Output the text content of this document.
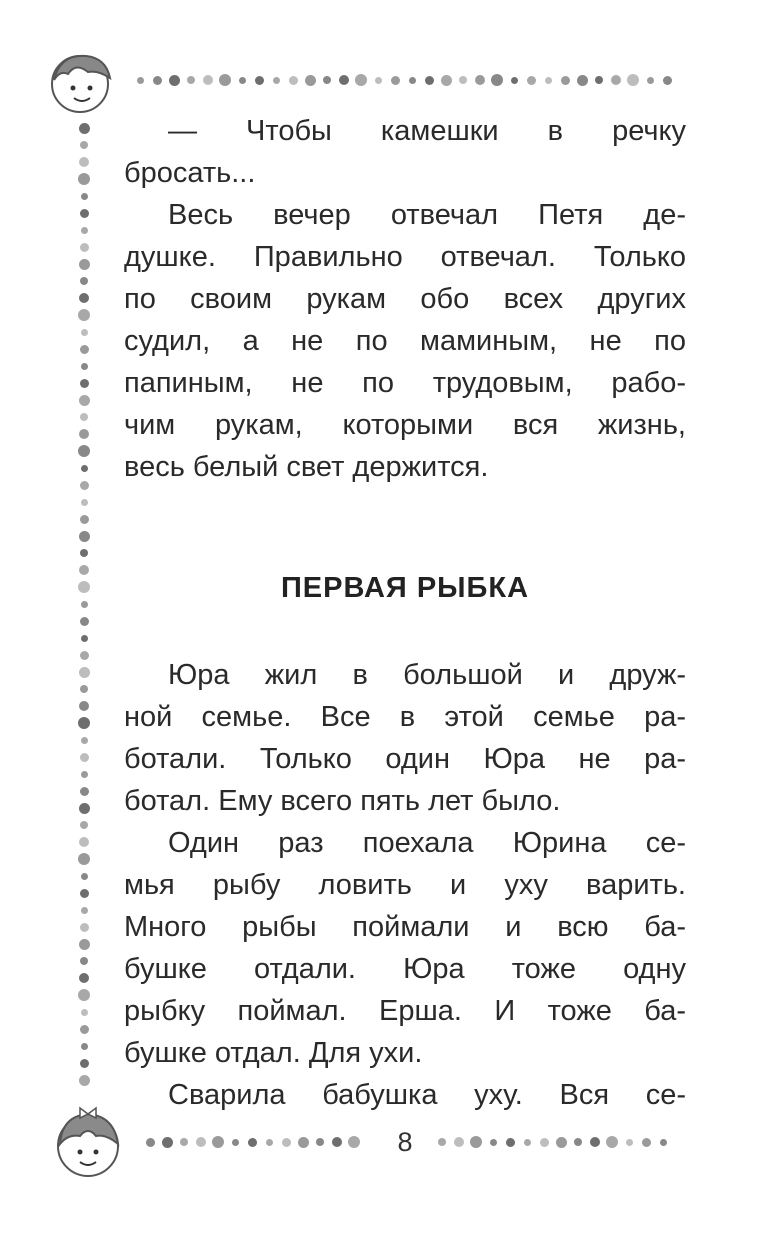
— Чтобы камешки в речку
бросать...
Весь вечер отвечал Петя де-
душке. Правильно отвечал. Только
по своим рукам обо всех других
судил, а не по маминым, не по
папиным, не по трудовым, рабо-
чим рукам, которыми вся жизнь,
весь белый свет держится.
ПЕРВАЯ РЫБКА
Юра жил в большой и друж-
ной семье. Все в этой семье ра-
ботали. Только один Юра не ра-
ботал. Ему всего пять лет было.
Один раз поехала Юрина се-
мья рыбу ловить и уху варить.
Много рыбы поймали и всю ба-
бушке отдали. Юра тоже одну
рыбку поймал. Ерша. И тоже ба-
бушке отдал. Для ухи.
Сварила бабушка уху. Вся се-
8
